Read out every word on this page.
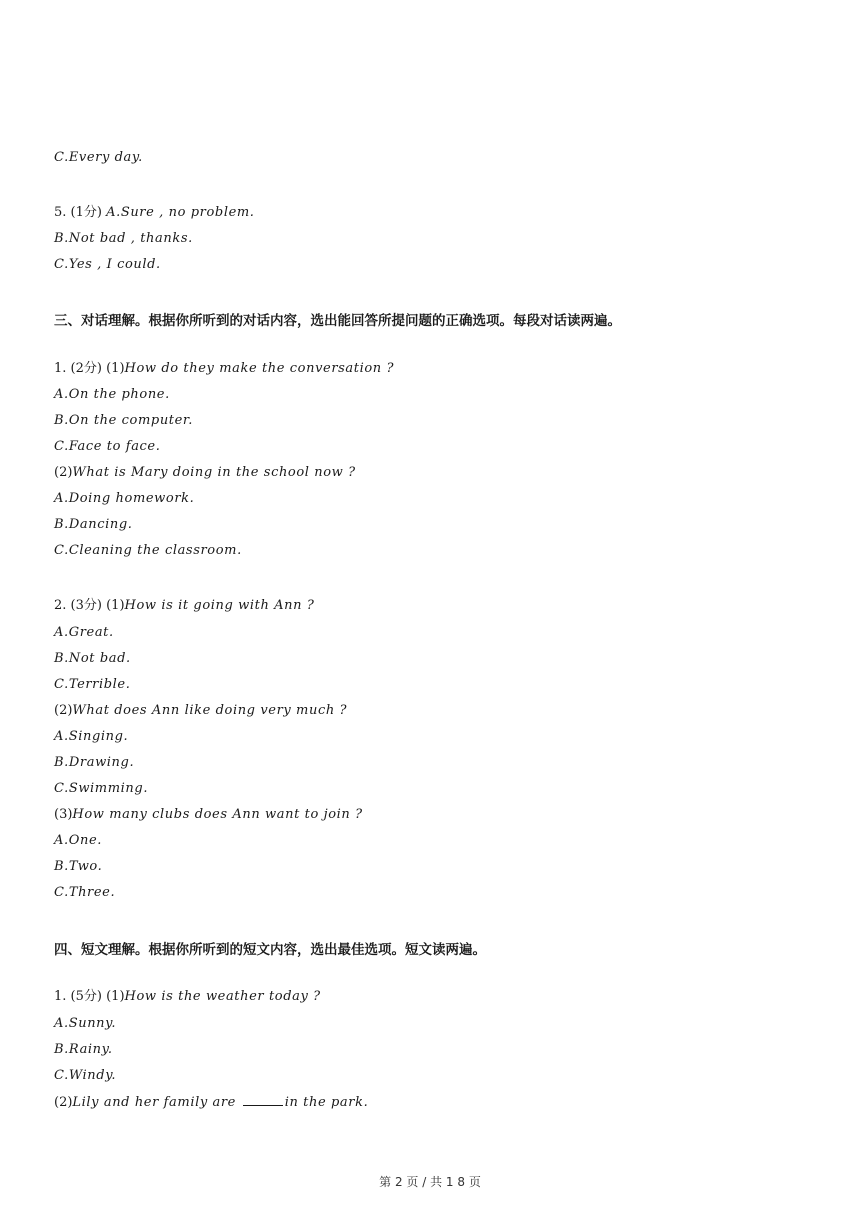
C.Every day.
5. (1分) A.Sure , no problem.
B.Not bad , thanks.
C.Yes , I could.
三、对话理解。根据你所听到的对话内容，选出能回答所提问题的正确选项。每段对话读两遍。
1. (2分) (1)How do they make the conversation ?
A.On the phone.
B.On the computer.
C.Face to face.
(2)What is Mary doing in the school now ?
A.Doing homework.
B.Dancing.
C.Cleaning the classroom.
2. (3分) (1)How is it going with Ann ?
A.Great.
B.Not bad.
C.Terrible.
(2)What does Ann like doing very much ?
A.Singing.
B.Drawing.
C.Swimming.
(3)How many clubs does Ann want to join ?
A.One.
B.Two.
C.Three.
四、短文理解。根据你所听到的短文内容，选出最佳选项。短文读两遍。
1. (5分) (1)How is the weather today ?
A.Sunny.
B.Rainy.
C.Windy.
(2)Lily and her family are	in the park.
第 2 页 / 共 1 8 页
